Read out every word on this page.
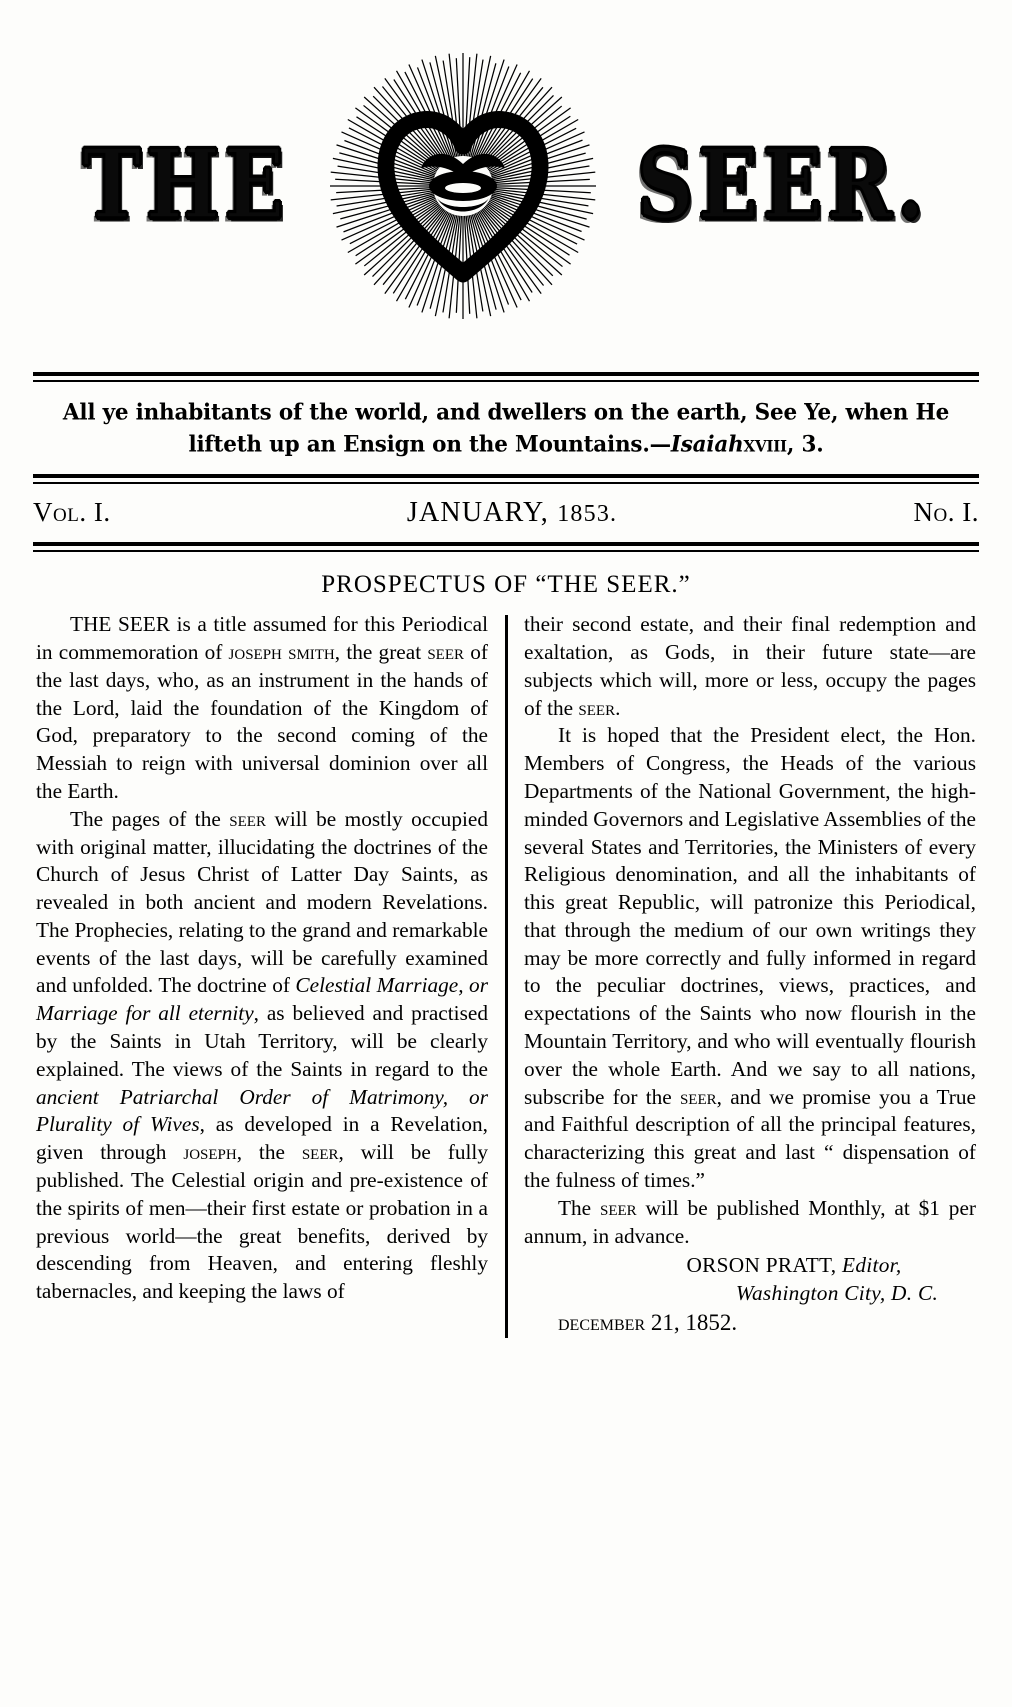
THE	SEER.
All ye inhabitants of the world, and dwellers on the earth, See Ye, when He
lifteth up an Ensign on the Mountains.—Isaiahxviii, 3.
Vol. I.	JANUARY, 1853.	No. I.
PROSPECTUS OF “THE SEER.”

THE SEER is a title assumed for this Periodical in commemoration of joseph smith, the great seer of the last days, who, as an instrument in the hands of the Lord, laid the foundation of the Kingdom of God, preparatory to the second coming of the Messiah to reign with universal dominion over all the Earth.

The pages of the seer will be mostly occupied with original matter, illucidating the doctrines of the Church of Jesus Christ of Latter Day Saints, as revealed in both ancient and modern Revelations. The Prophecies, relating to the grand and remarkable events of the last days, will be carefully examined and unfolded. The doctrine of Celestial Marriage, or Marriage for all eternity, as believed and practised by the Saints in Utah Territory, will be clearly explained. The views of the Saints in regard to the ancient Patriarchal Order of Matrimony, or Plurality of Wives, as developed in a Revelation, given through joseph, the seer, will be fully published. The Celestial origin and pre-existence of the spirits of men—their first estate or probation in a previous world—the great benefits, derived by descending from Heaven, and entering fleshly tabernacles, and keeping the laws of

their second estate, and their final redemption and exaltation, as Gods, in their future state—are subjects which will, more or less, occupy the pages of the seer.

It is hoped that the President elect, the Hon. Members of Congress, the Heads of the various Departments of the National Government, the high-minded Governors and Legislative Assemblies of the several States and Territories, the Ministers of every Religious denomination, and all the inhabitants of this great Republic, will patronize this Periodical, that through the medium of our own writings they may be more correctly and fully informed in regard to the peculiar doctrines, views, practices, and expectations of the Saints who now flourish in the Mountain Territory, and who will eventually flourish over the whole Earth. And we say to all nations, subscribe for the seer, and we promise you a True and Faithful description of all the principal features, characterizing this great and last “ dispensation of the fulness of times.”

The seer will be published Monthly, at $1 per annum, in advance.

ORSON PRATT, Editor,

Washington City, D. C.

december 21, 1852.
